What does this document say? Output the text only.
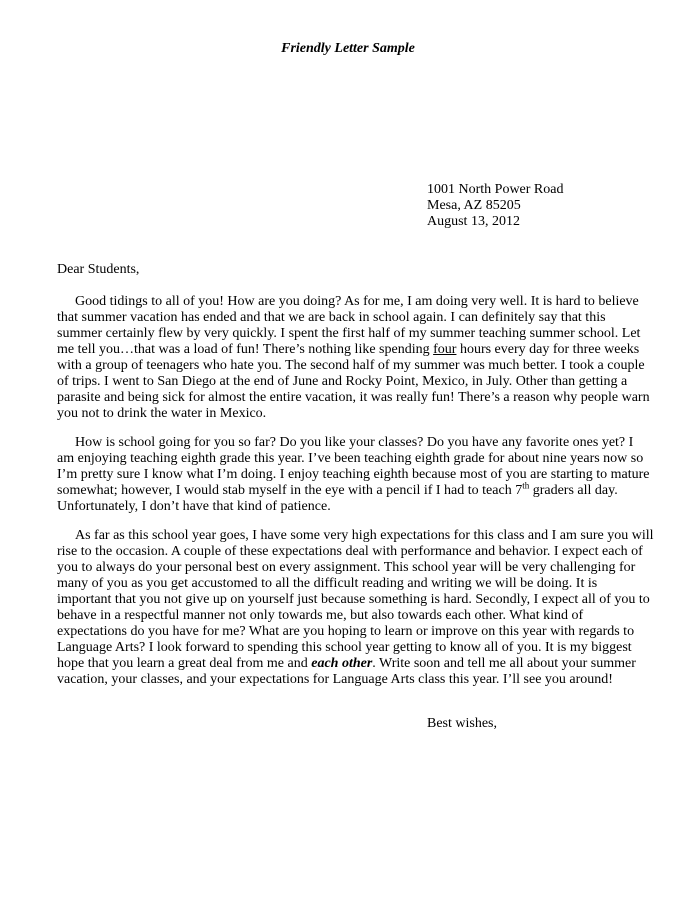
Friendly Letter Sample
1001 North Power Road
Mesa, AZ 85205
August 13, 2012
Dear Students,
Good tidings to all of you! How are you doing? As for me, I am doing very well. It is hard to believe
that summer vacation has ended and that we are back in school again. I can definitely say that this
summer certainly flew by very quickly. I spent the first half of my summer teaching summer school. Let
me tell you…that was a load of fun! There’s nothing like spending four hours every day for three weeks
with a group of teenagers who hate you. The second half of my summer was much better. I took a couple
of trips. I went to San Diego at the end of June and Rocky Point, Mexico, in July. Other than getting a
parasite and being sick for almost the entire vacation, it was really fun! There’s a reason why people warn
you not to drink the water in Mexico.
How is school going for you so far? Do you like your classes? Do you have any favorite ones yet? I
am enjoying teaching eighth grade this year. I’ve been teaching eighth grade for about nine years now so
I’m pretty sure I know what I’m doing. I enjoy teaching eighth because most of you are starting to mature
somewhat; however, I would stab myself in the eye with a pencil if I had to teach 7th graders all day.
Unfortunately, I don’t have that kind of patience.
As far as this school year goes, I have some very high expectations for this class and I am sure you will
rise to the occasion. A couple of these expectations deal with performance and behavior. I expect each of
you to always do your personal best on every assignment. This school year will be very challenging for
many of you as you get accustomed to all the difficult reading and writing we will be doing. It is
important that you not give up on yourself just because something is hard. Secondly, I expect all of you to
behave in a respectful manner not only towards me, but also towards each other. What kind of
expectations do you have for me? What are you hoping to learn or improve on this year with regards to
Language Arts? I look forward to spending this school year getting to know all of you. It is my biggest
hope that you learn a great deal from me and each other. Write soon and tell me all about your summer
vacation, your classes, and your expectations for Language Arts class this year. I’ll see you around!
Best wishes,
